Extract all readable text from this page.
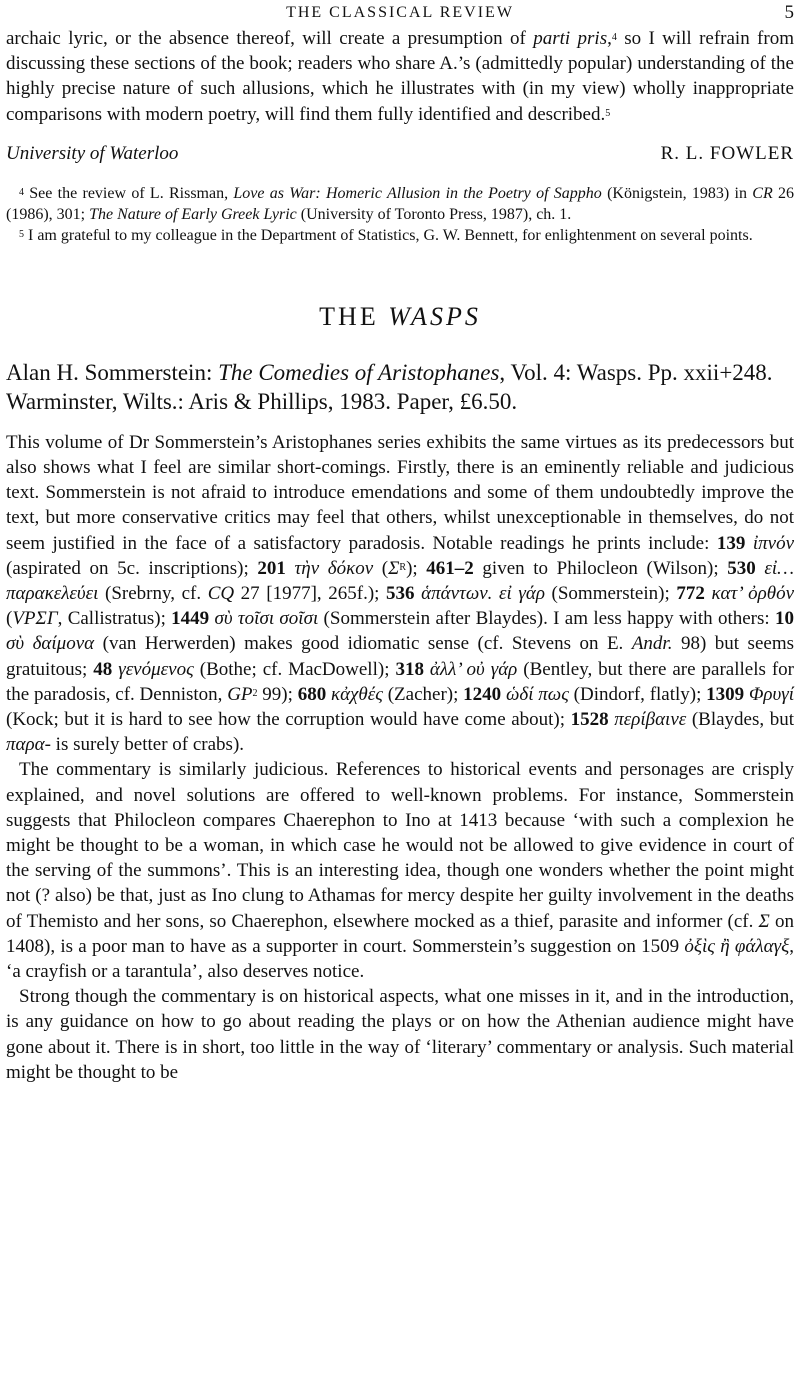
THE CLASSICAL REVIEW	5

archaic lyric, or the absence thereof, will create a presumption of parti pris,$^4$ so I will refrain from discussing these sections of the book; readers who share A.’s (admittedly popular) understanding of the highly precise nature of such allusions, which he illustrates with (in my view) wholly inappropriate comparisons with modern poetry, will find them fully identified and described.$^5$

University of Waterloo	R. L. FOWLER

$^4$ See the review of L. Rissman, Love as War: Homeric Allusion in the Poetry of Sappho (Königstein, 1983) in CR 26 (1986), 301; The Nature of Early Greek Lyric (University of Toronto Press, 1987), ch. 1.

$^5$ I am grateful to my colleague in the Department of Statistics, G. W. Bennett, for enlightenment on several points.

THE WASPS

Alan H. Sommerstein: The Comedies of Aristophanes, Vol. 4: Wasps. Pp. xxii+248. Warminster, Wilts.: Aris & Phillips, 1983. Paper, £6.50.

This volume of Dr Sommerstein’s Aristophanes series exhibits the same virtues as its predecessors but also shows what I feel are similar short-comings. Firstly, there is an eminently reliable and judicious text. Sommerstein is not afraid to introduce emendations and some of them undoubtedly improve the text, but more conservative critics may feel that others, whilst unexceptionable in themselves, do not seem justified in the face of a satisfactory paradosis. Notable readings he prints include: 139 ἰπνόν (aspirated on 5c. inscriptions); 201 τὴν δόκον $(\Sigma^R)$; 461–2 given to Philocleon (Wilson); 530 εἰ…παρακελεύει (Srebrny, cf. CQ 27 [1977], 265f.); 536 ἁπάντων. εἰ γάρ (Sommerstein); 772 κατ’ ὀρθόν (VPΣΓ, Callistratus); 1449 σὺ τοῖσι σοῖσι (Sommerstein after Blaydes). I am less happy with others: 10 σὺ δαίμονα (van Herwerden) makes good idiomatic sense (cf. Stevens on E. Andr. 98) but seems gratuitous; 48 γενόμενος (Bothe; cf. MacDowell); 318 ἀλλ’ οὐ γάρ (Bentley, but there are parallels for the paradosis, cf. Denniston, $GP^2$ 99); 680 κἀχθές (Zacher); 1240 ὡδί πως (Dindorf, flatly); 1309 Φρυγί (Kock; but it is hard to see how the corruption would have come about); 1528 περίβαινε (Blaydes, but παρα- is surely better of crabs).

The commentary is similarly judicious. References to historical events and personages are crisply explained, and novel solutions are offered to well-known problems. For instance, Sommerstein suggests that Philocleon compares Chaerephon to Ino at 1413 because ‘with such a complexion he might be thought to be a woman, in which case he would not be allowed to give evidence in court of the serving of the summons’. This is an interesting idea, though one wonders whether the point might not (? also) be that, just as Ino clung to Athamas for mercy despite her guilty involvement in the deaths of Themisto and her sons, so Chaerephon, elsewhere mocked as a thief, parasite and informer (cf. Σ on 1408), is a poor man to have as a supporter in court. Sommerstein’s suggestion on 1509 ὀξὶς ἢ φάλαγξ, ‘a crayfish or a tarantula’, also deserves notice.

Strong though the commentary is on historical aspects, what one misses in it, and in the introduction, is any guidance on how to go about reading the plays or on how the Athenian audience might have gone about it. There is in short, too little in the way of ‘literary’ commentary or analysis. Such material might be thought to be
